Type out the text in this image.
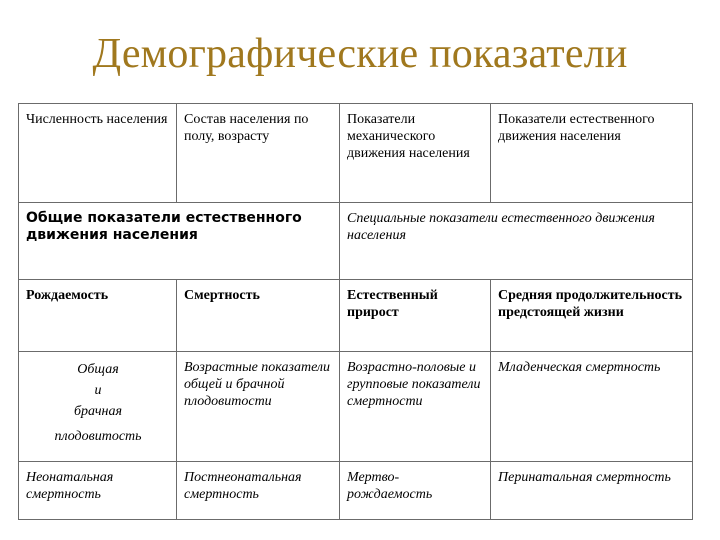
Демографические показатели
Численность населения	Состав населения по полу, возрасту	Показатели механического движения населения	Показатели естественного движения населения
Общие показатели естественного движения населения		Специальные показатели естественного движения населения	
Рождаемость	Смертность	Естественный прирост	Средняя продолжительность предстоящей жизни

Общая
и
брачная
плодовитость	Возрастные показатели общей и брачной плодовитости	Возрастно-половые и групповые показатели смертности	Младенческая смертность
Неонатальная смертность	Постнеонатальная смертность	Мертво-рождаемость	Перинатальная смертность
